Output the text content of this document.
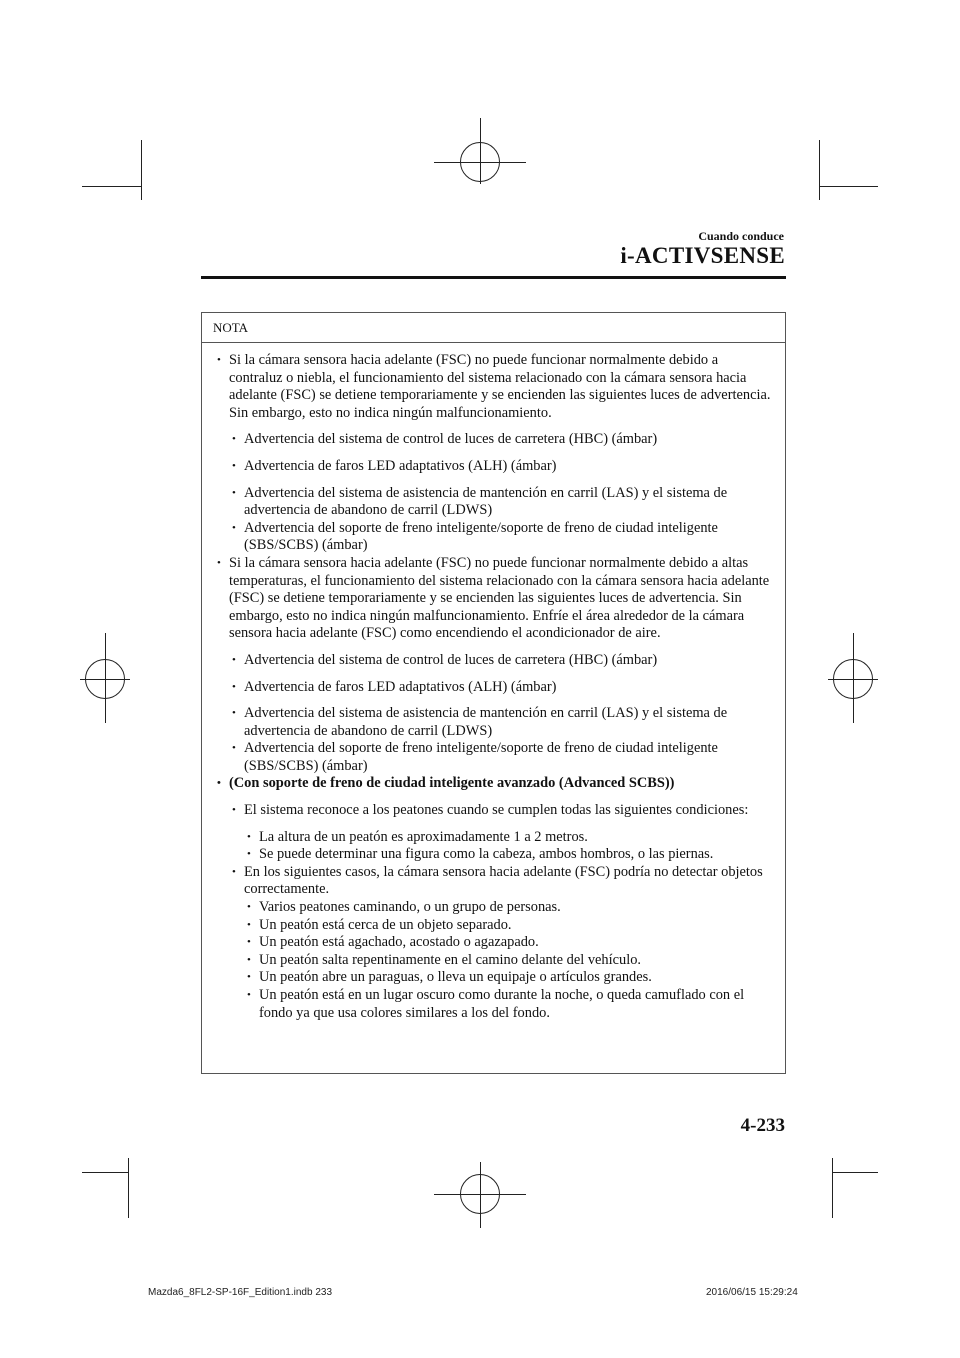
Cuando conduce
i-ACTIVSENSE
NOTA
• Si la cámara sensora hacia adelante (FSC) no puede funcionar normalmente debido a contraluz o niebla, el funcionamiento del sistema relacionado con la cámara sensora hacia adelante (FSC) se detiene temporariamente y se encienden las siguientes luces de advertencia. Sin embargo, esto no indica ningún malfuncionamiento.
• Advertencia del sistema de control de luces de carretera (HBC) (ámbar)
• Advertencia de faros LED adaptativos (ALH) (ámbar)
• Advertencia del sistema de asistencia de mantención en carril (LAS) y el sistema de advertencia de abandono de carril (LDWS)
• Advertencia del soporte de freno inteligente/soporte de freno de ciudad inteligente (SBS/SCBS) (ámbar)
• Si la cámara sensora hacia adelante (FSC) no puede funcionar normalmente debido a altas temperaturas, el funcionamiento del sistema relacionado con la cámara sensora hacia adelante (FSC) se detiene temporariamente y se encienden las siguientes luces de advertencia. Sin embargo, esto no indica ningún malfuncionamiento. Enfríe el área alrededor de la cámara sensora hacia adelante (FSC) como encendiendo el acondicionador de aire.
• Advertencia del sistema de control de luces de carretera (HBC) (ámbar)
• Advertencia de faros LED adaptativos (ALH) (ámbar)
• Advertencia del sistema de asistencia de mantención en carril (LAS) y el sistema de advertencia de abandono de carril (LDWS)
• Advertencia del soporte de freno inteligente/soporte de freno de ciudad inteligente (SBS/SCBS) (ámbar)
• (Con soporte de freno de ciudad inteligente avanzado (Advanced SCBS))
• El sistema reconoce a los peatones cuando se cumplen todas las siguientes condiciones:
• La altura de un peatón es aproximadamente 1 a 2 metros.
• Se puede determinar una figura como la cabeza, ambos hombros, o las piernas.
• En los siguientes casos, la cámara sensora hacia adelante (FSC) podría no detectar objetos correctamente.
• Varios peatones caminando, o un grupo de personas.
• Un peatón está cerca de un objeto separado.
• Un peatón está agachado, acostado o agazapado.
• Un peatón salta repentinamente en el camino delante del vehículo.
• Un peatón abre un paraguas, o lleva un equipaje o artículos grandes.
• Un peatón está en un lugar oscuro como durante la noche, o queda camuflado con el fondo ya que usa colores similares a los del fondo.
4-233
Mazda6_8FL2-SP-16F_Edition1.indb 233	2016/06/15 15:29:24
